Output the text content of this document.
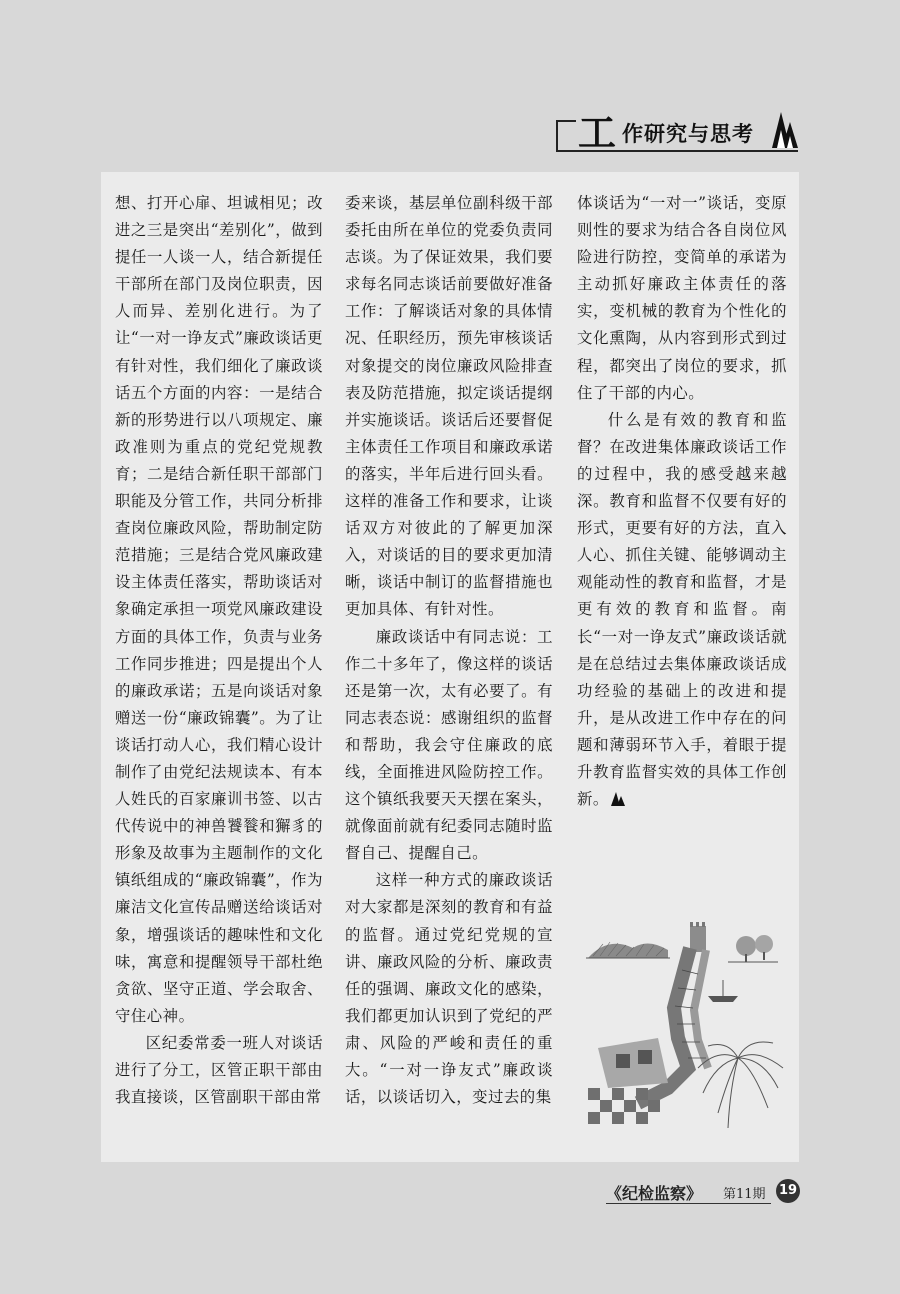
工 作研究与思考

想、打开心扉、坦诚相见；改进之三是突出“差别化”，做到提任一人谈一人，结合新提任干部所在部门及岗位职责，因人而异、差别化进行。为了让“一对一诤友式”廉政谈话更有针对性，我们细化了廉政谈话五个方面的内容：一是结合新的形势进行以八项规定、廉政准则为重点的党纪党规教育；二是结合新任职干部部门职能及分管工作，共同分析排查岗位廉政风险，帮助制定防范措施；三是结合党风廉政建设主体责任落实，帮助谈话对象确定承担一项党风廉政建设方面的具体工作，负责与业务工作同步推进；四是提出个人的廉政承诺；五是向谈话对象赠送一份“廉政锦囊”。为了让谈话打动人心，我们精心设计制作了由党纪法规读本、有本人姓氏的百家廉训书签、以古代传说中的神兽饕餮和獬豸的形象及故事为主题制作的文化镇纸组成的“廉政锦囊”，作为廉洁文化宣传品赠送给谈话对象，增强谈话的趣味性和文化味，寓意和提醒领导干部杜绝贪欲、坚守正道、学会取舍、守住心神。

区纪委常委一班人对谈话进行了分工，区管正职干部由我直接谈，区管副职干部由常

委来谈，基层单位副科级干部委托由所在单位的党委负责同志谈。为了保证效果，我们要求每名同志谈话前要做好准备工作：了解谈话对象的具体情况、任职经历，预先审核谈话对象提交的岗位廉政风险排查表及防范措施，拟定谈话提纲并实施谈话。谈话后还要督促主体责任工作项目和廉政承诺的落实，半年后进行回头看。这样的准备工作和要求，让谈话双方对彼此的了解更加深入，对谈话的目的要求更加清晰，谈话中制订的监督措施也更加具体、有针对性。

廉政谈话中有同志说：工作二十多年了，像这样的谈话还是第一次，太有必要了。有同志表态说：感谢组织的监督和帮助，我会守住廉政的底线，全面推进风险防控工作。这个镇纸我要天天摆在案头，就像面前就有纪委同志随时监督自己、提醒自己。

这样一种方式的廉政谈话对大家都是深刻的教育和有益的监督。通过党纪党规的宣讲、廉政风险的分析、廉政责任的强调、廉政文化的感染，我们都更加认识到了党纪的严肃、风险的严峻和责任的重大。“一对一诤友式”廉政谈话，以谈话切入，变过去的集

体谈话为“一对一”谈话，变原则性的要求为结合各自岗位风险进行防控，变简单的承诺为主动抓好廉政主体责任的落实，变机械的教育为个性化的文化熏陶，从内容到形式到过程，都突出了岗位的要求，抓住了干部的内心。

什么是有效的教育和监督？在改进集体廉政谈话工作的过程中，我的感受越来越深。教育和监督不仅要有好的形式，更要有好的方法，直入人心、抓住关键、能够调动主观能动性的教育和监督，才是更有效的教育和监督。南长“一对一诤友式”廉政谈话就是在总结过去集体廉政谈话成功经验的基础上的改进和提升，是从改进工作中存在的问题和薄弱环节入手，着眼于提升教育监督实效的具体工作创新。

《纪检监察》 第11期 19
